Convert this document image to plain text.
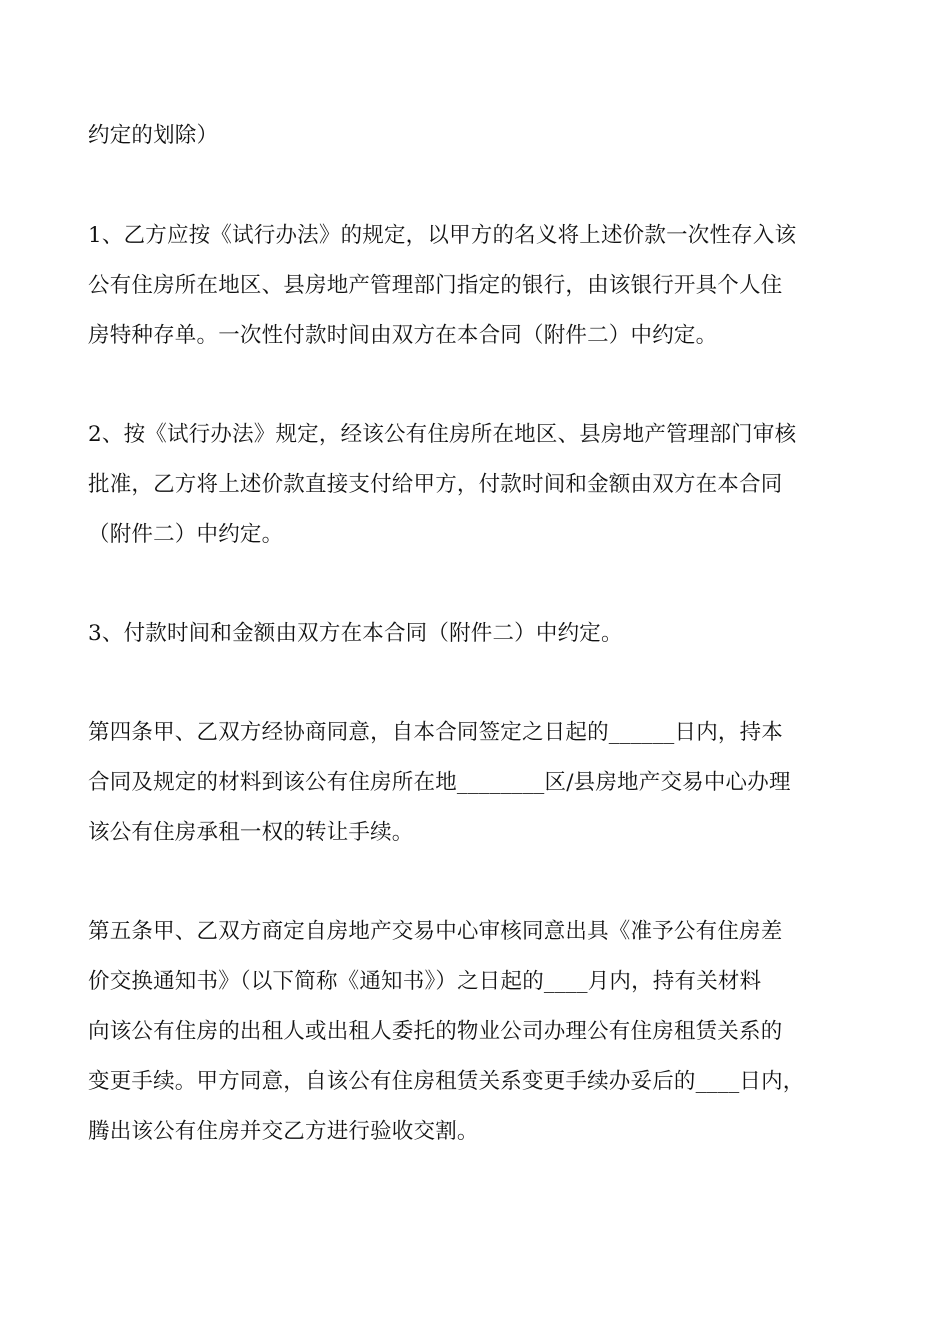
约定的划除）
1、乙方应按《试行办法》的规定，以甲方的名义将上述价款一次性存入该
公有住房所在地区、县房地产管理部门指定的银行，由该银行开具个人住
房特种存单。一次性付款时间由双方在本合同（附件二）中约定。
2、按《试行办法》规定，经该公有住房所在地区、县房地产管理部门审核
批准，乙方将上述价款直接支付给甲方，付款时间和金额由双方在本合同
（附件二）中约定。
3、付款时间和金额由双方在本合同（附件二）中约定。
第四条甲、乙双方经协商同意，自本合同签定之日起的______日内，持本
合同及规定的材料到该公有住房所在地________区/县房地产交易中心办理
该公有住房承租一权的转让手续。
第五条甲、乙双方商定自房地产交易中心审核同意出具《准予公有住房差
价交换通知书》（以下简称《通知书》）之日起的____月内，持有关材料
向该公有住房的出租人或出租人委托的物业公司办理公有住房租赁关系的
变更手续。甲方同意，自该公有住房租赁关系变更手续办妥后的____日内，
腾出该公有住房并交乙方进行验收交割。
